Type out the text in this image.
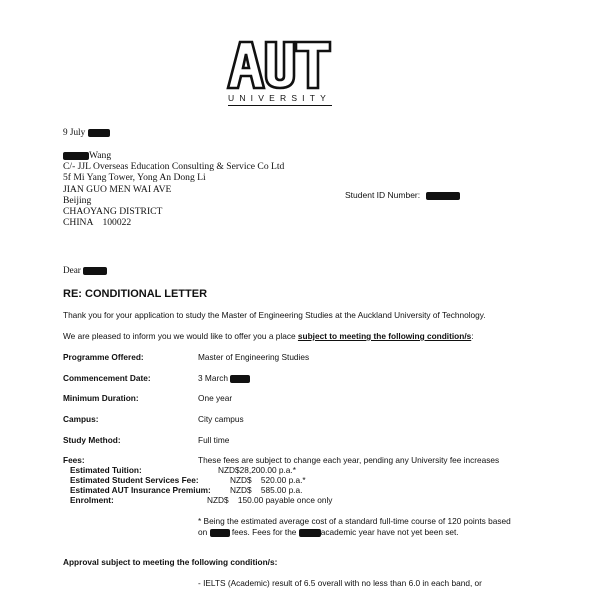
UNIVERSITY
9 July
Wang
C/- JJL Overseas Education Consulting & Service Co Ltd
5f Mi Yang Tower, Yong An Dong Li
JIAN GUO MEN WAI AVE
Beijing
CHAOYANG DISTRICT
CHINA    100022
Student ID Number:
Dear
RE: CONDITIONAL LETTER
Thank you for your application to study the Master of Engineering Studies at the Auckland University of Technology.
We are pleased to inform you we would like to offer you a place subject to meeting the following condition/s:
Programme Offered:	Master of Engineering Studies
Commencement Date:	3 March
Minimum Duration:	One year
Campus:	City campus
Study Method:	Full time
Fees:	These fees are subject to change each year, pending any University fee increases
Estimated Tuition:	NZD$28,200.00 p.a.*
Estimated Student Services Fee:	NZD$    520.00 p.a.*
Estimated AUT Insurance Premium: NZD$    585.00 p.a.
Enrolment:	NZD$    150.00 payable once only
* Being the estimated average cost of a standard full-time course of 120 points based
on	fees. Fees for the	academic year have not yet been set.
Approval subject to meeting the following condition/s:
- IELTS (Academic) result of 6.5 overall with no less than 6.0 in each band, or
